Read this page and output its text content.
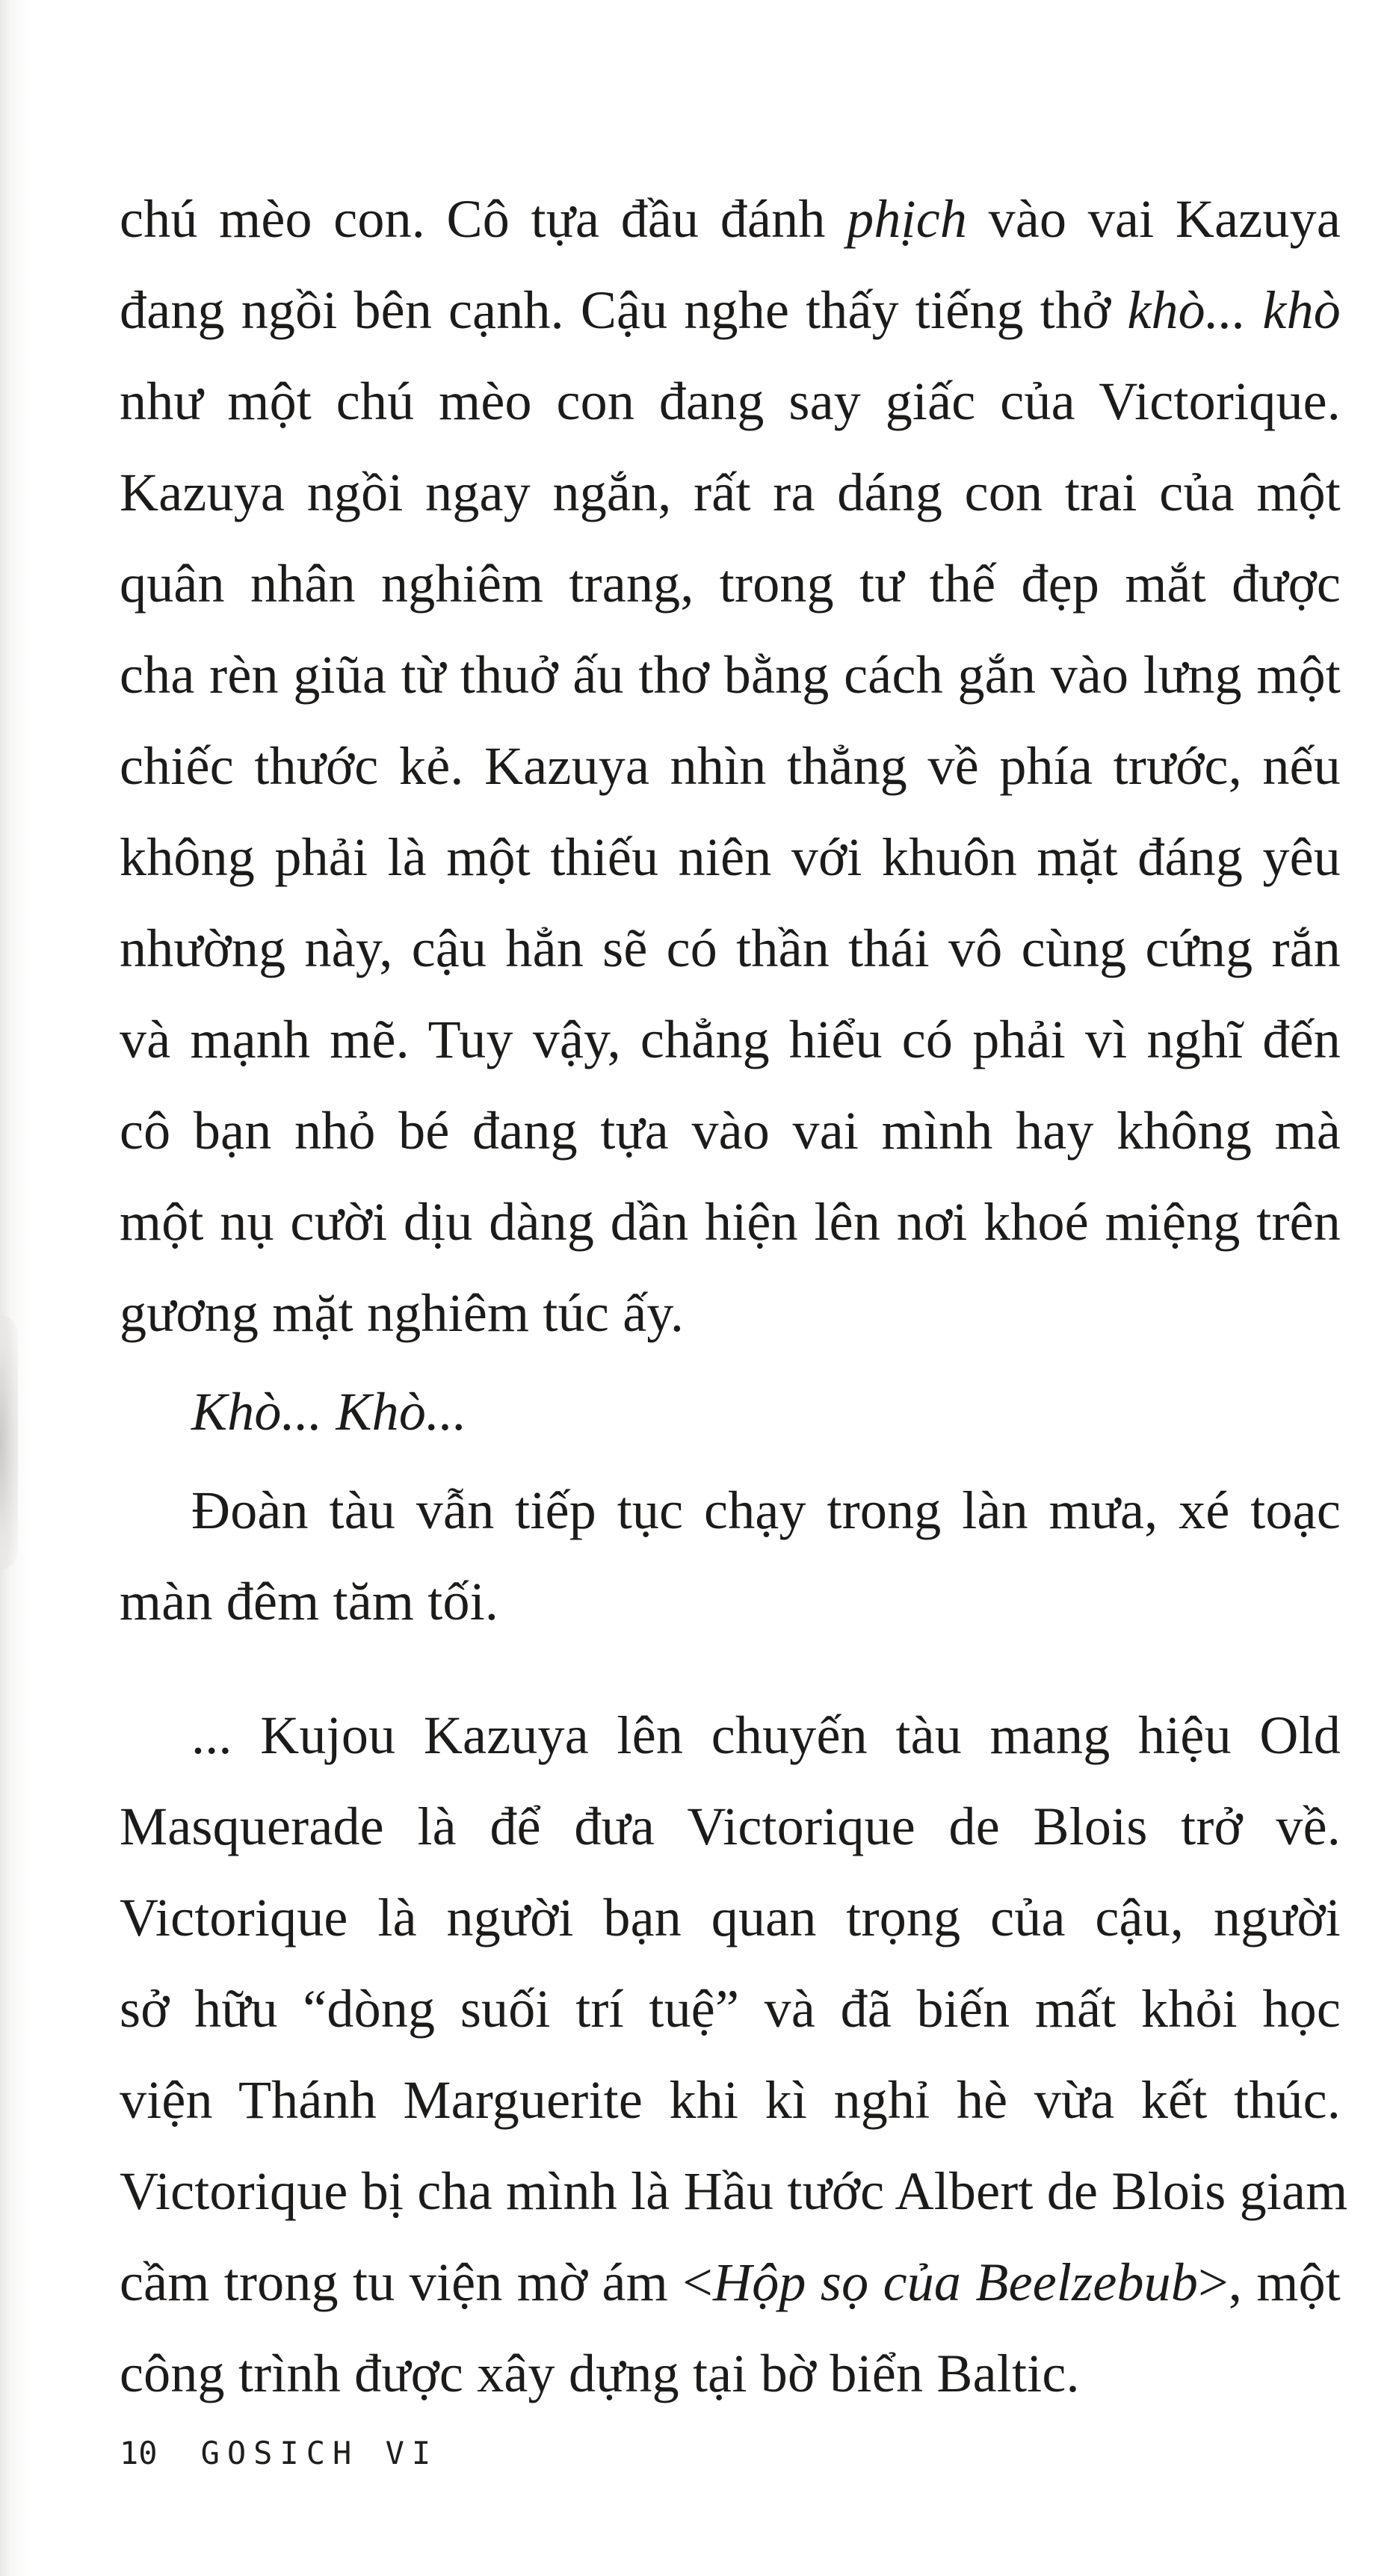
chú mèo con. Cô tựa đầu đánh phịch vào vai Kazuya
đang ngồi bên cạnh. Cậu nghe thấy tiếng thở khò... khò
như một chú mèo con đang say giấc của Victorique.
Kazuya ngồi ngay ngắn, rất ra dáng con trai của một
quân nhân nghiêm trang, trong tư thế đẹp mắt được
cha rèn giũa từ thuở ấu thơ bằng cách gắn vào lưng một
chiếc thước kẻ. Kazuya nhìn thẳng về phía trước, nếu
không phải là một thiếu niên với khuôn mặt đáng yêu
nhường này, cậu hẳn sẽ có thần thái vô cùng cứng rắn
và mạnh mẽ. Tuy vậy, chẳng hiểu có phải vì nghĩ đến
cô bạn nhỏ bé đang tựa vào vai mình hay không mà
một nụ cười dịu dàng dần hiện lên nơi khoé miệng trên
gương mặt nghiêm túc ấy.
Khò... Khò...
Đoàn tàu vẫn tiếp tục chạy trong làn mưa, xé toạc
màn đêm tăm tối.
... Kujou Kazuya lên chuyến tàu mang hiệu Old
Masquerade là để đưa Victorique de Blois trở về.
Victorique là người bạn quan trọng của cậu, người
sở hữu “dòng suối trí tuệ” và đã biến mất khỏi học
viện Thánh Marguerite khi kì nghỉ hè vừa kết thúc.
Victorique bị cha mình là Hầu tước Albert de Blois giam
cầm trong tu viện mờ ám <Hộp sọ của Beelzebub>, một
công trình được xây dựng tại bờ biển Baltic.
10 GOSICH VI
